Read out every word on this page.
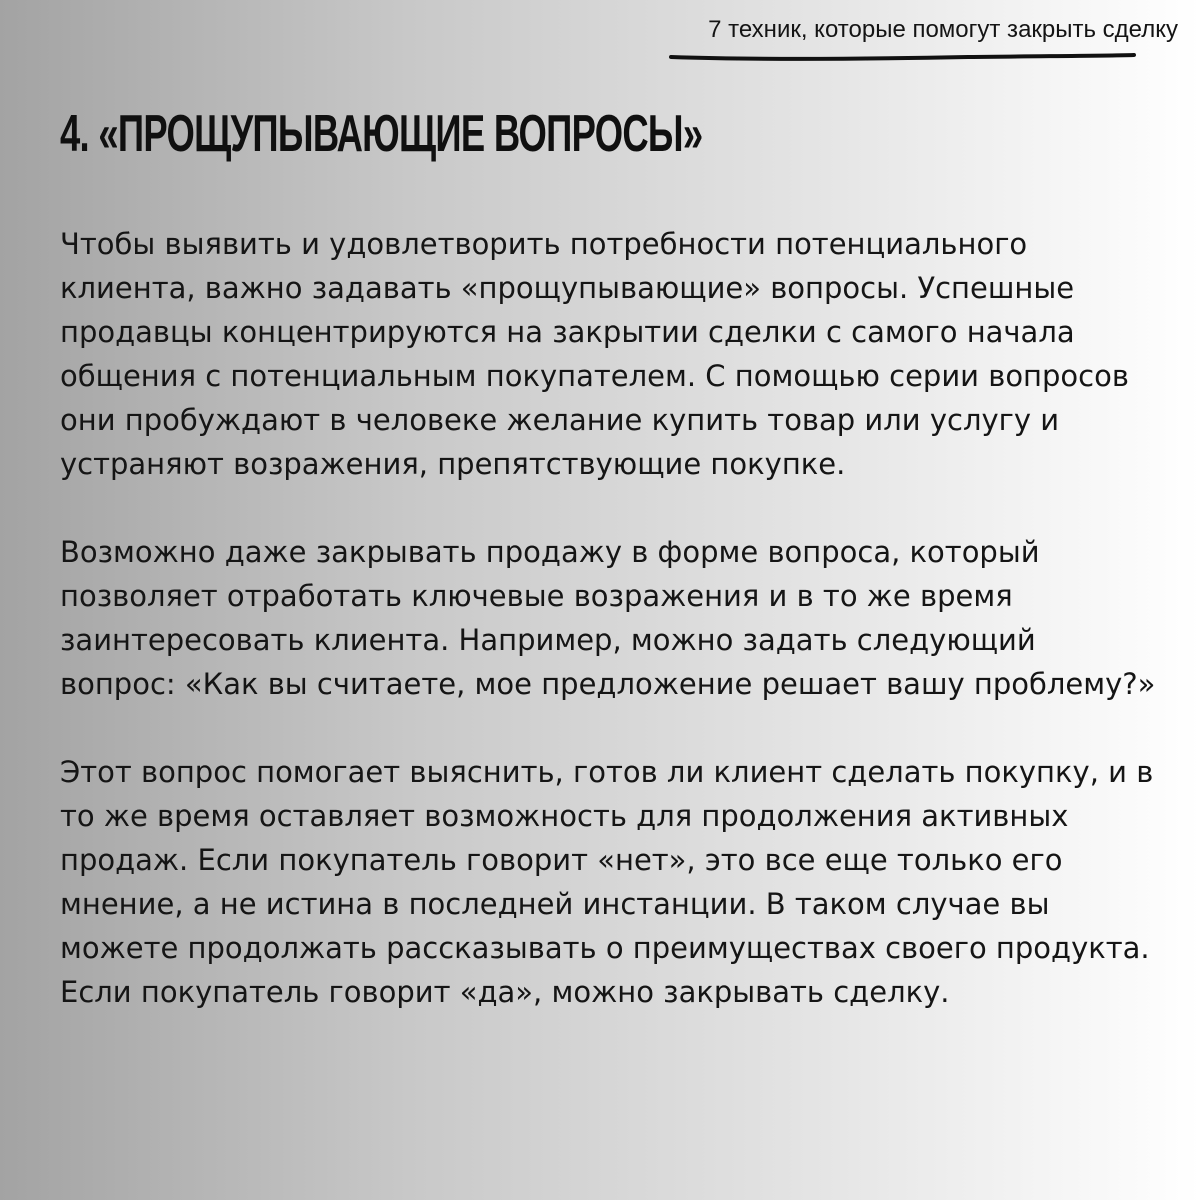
7 техник, которые помогут закрыть сделку
4. «ПРОЩУПЫВАЮЩИЕ ВОПРОСЫ»

Чтобы выявить и удовлетворить потребности потенциального
клиента, важно задавать «прощупывающие» вопросы. Успешные
продавцы концентрируются на закрытии сделки с самого начала
общения с потенциальным покупателем. С помощью серии вопросов
они пробуждают в человеке желание купить товар или услугу и
устраняют возражения, препятствующие покупке.

Возможно даже закрывать продажу в форме вопроса, который
позволяет отработать ключевые возражения и в то же время
заинтересовать клиента. Например, можно задать следующий
вопрос: «Как вы считаете, мое предложение решает вашу проблему?»

Этот вопрос помогает выяснить, готов ли клиент сделать покупку, и в
то же время оставляет возможность для продолжения активных
продаж. Если покупатель говорит «нет», это все еще только его
мнение, а не истина в последней инстанции. В таком случае вы
можете продолжать рассказывать о преимуществах своего продукта.
Если покупатель говорит «да», можно закрывать сделку.
